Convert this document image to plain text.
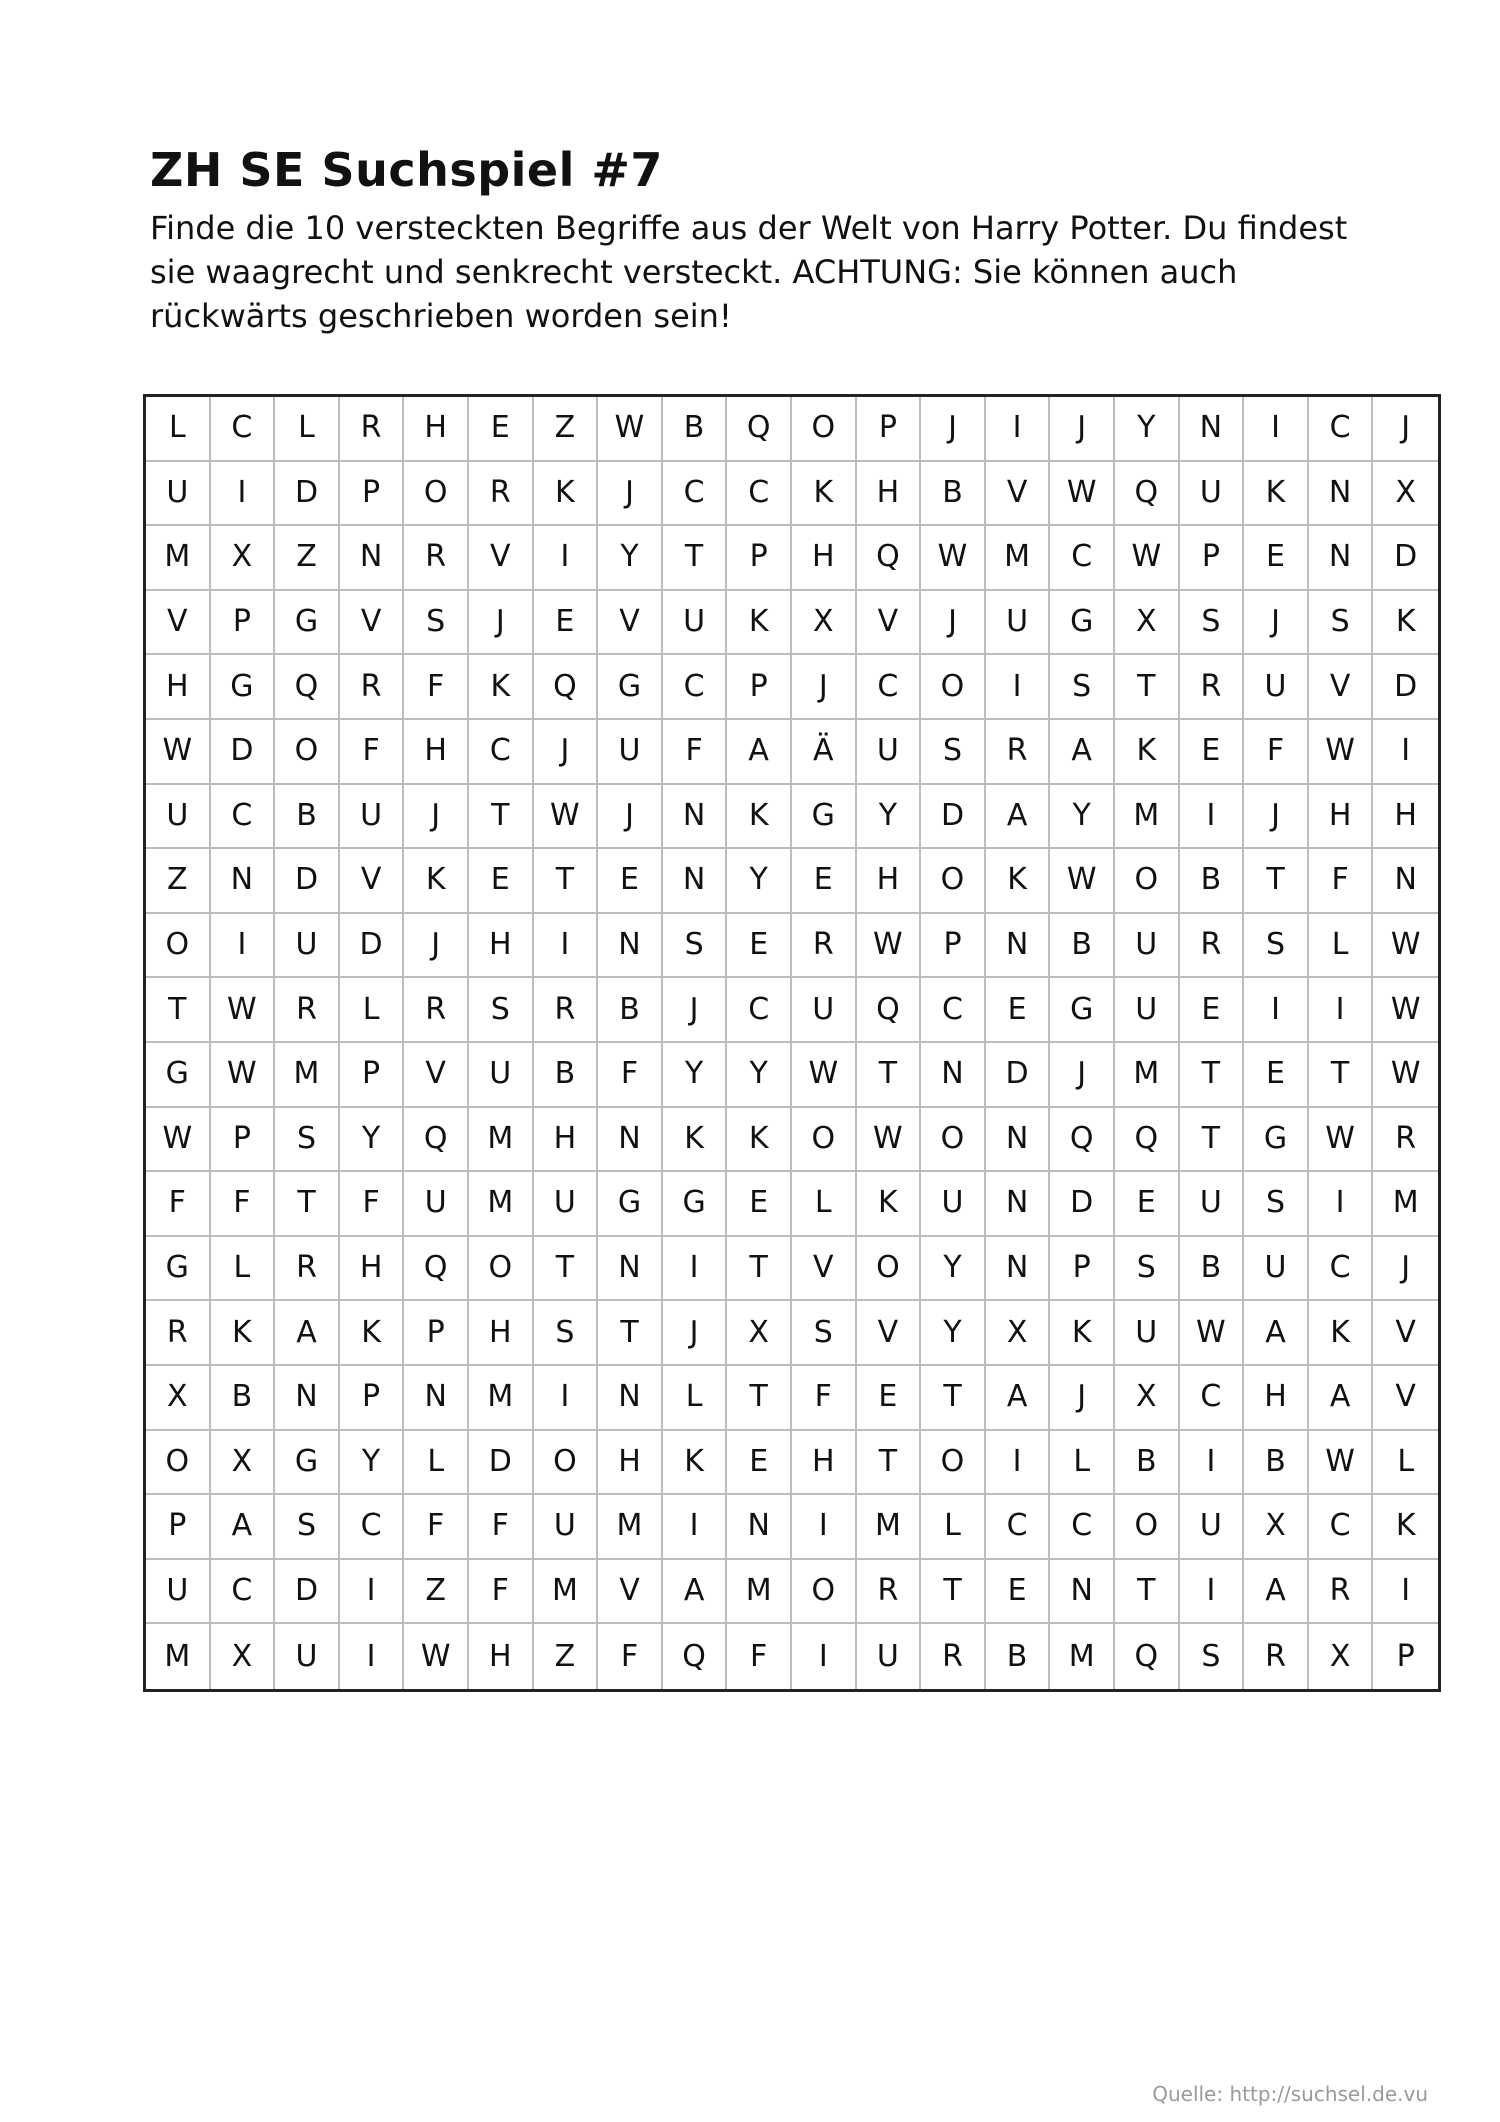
ZH SE Suchspiel #7
Finde die 10 versteckten Begriffe aus der Welt von Harry Potter. Du findest
sie waagrecht und senkrecht versteckt. ACHTUNG: Sie können auch
rückwärts geschrieben worden sein!
L	C	L	R	H	E	Z	W	B	Q	O	P	J	I	J	Y	N	I	C	J
U	I	D	P	O	R	K	J	C	C	K	H	B	V	W	Q	U	K	N	X
M	X	Z	N	R	V	I	Y	T	P	H	Q	W	M	C	W	P	E	N	D
V	P	G	V	S	J	E	V	U	K	X	V	J	U	G	X	S	J	S	K
H	G	Q	R	F	K	Q	G	C	P	J	C	O	I	S	T	R	U	V	D
W	D	O	F	H	C	J	U	F	A	Ä	U	S	R	A	K	E	F	W	I
U	C	B	U	J	T	W	J	N	K	G	Y	D	A	Y	M	I	J	H	H
Z	N	D	V	K	E	T	E	N	Y	E	H	O	K	W	O	B	T	F	N
O	I	U	D	J	H	I	N	S	E	R	W	P	N	B	U	R	S	L	W
T	W	R	L	R	S	R	B	J	C	U	Q	C	E	G	U	E	I	I	W
G	W	M	P	V	U	B	F	Y	Y	W	T	N	D	J	M	T	E	T	W
W	P	S	Y	Q	M	H	N	K	K	O	W	O	N	Q	Q	T	G	W	R
F	F	T	F	U	M	U	G	G	E	L	K	U	N	D	E	U	S	I	M
G	L	R	H	Q	O	T	N	I	T	V	O	Y	N	P	S	B	U	C	J
R	K	A	K	P	H	S	T	J	X	S	V	Y	X	K	U	W	A	K	V
X	B	N	P	N	M	I	N	L	T	F	E	T	A	J	X	C	H	A	V
O	X	G	Y	L	D	O	H	K	E	H	T	O	I	L	B	I	B	W	L
P	A	S	C	F	F	U	M	I	N	I	M	L	C	C	O	U	X	C	K
U	C	D	I	Z	F	M	V	A	M	O	R	T	E	N	T	I	A	R	I
M	X	U	I	W	H	Z	F	Q	F	I	U	R	B	M	Q	S	R	X	P
Quelle: http://suchsel.de.vu
